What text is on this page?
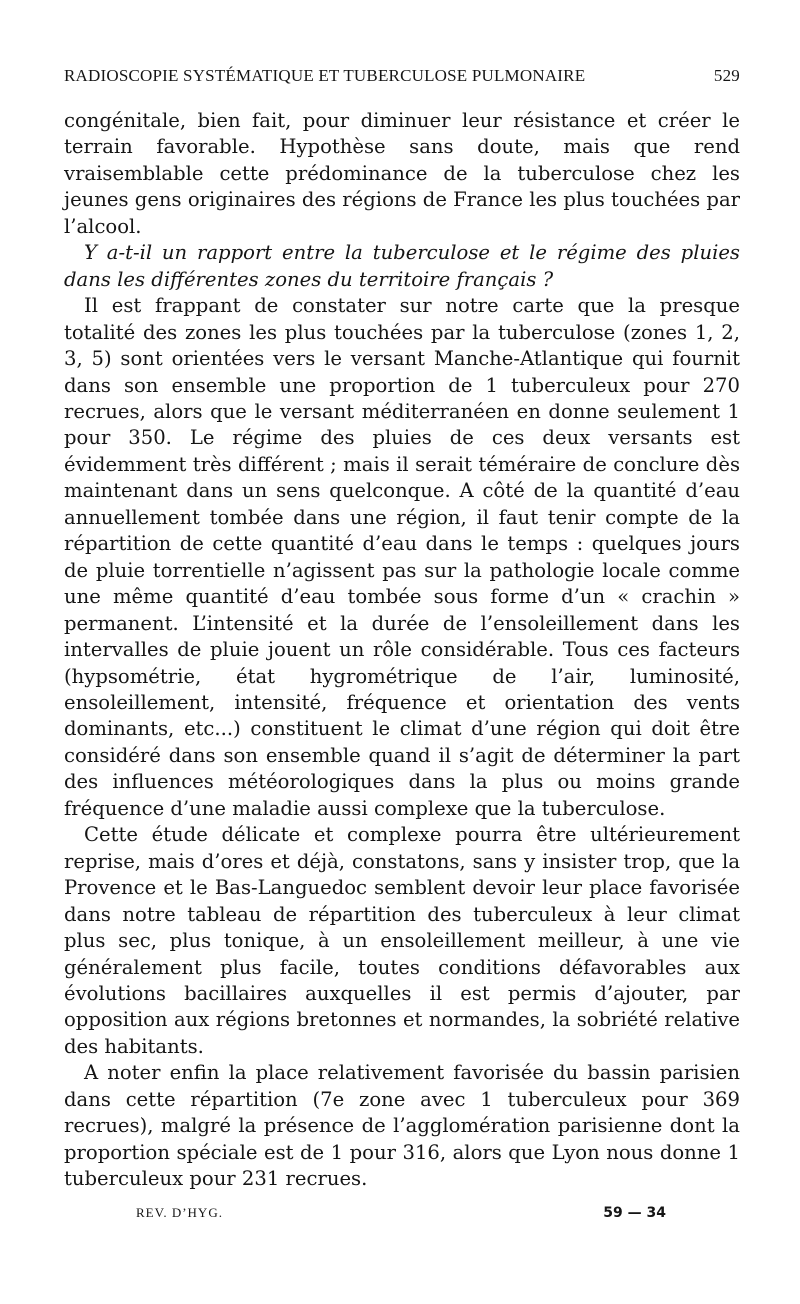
RADIOSCOPIE SYSTÉMATIQUE ET TUBERCULOSE PULMONAIRE	529

congénitale, bien fait, pour diminuer leur résistance et créer le terrain favorable. Hypothèse sans doute, mais que rend vraisemblable cette prédominance de la tuberculose chez les jeunes gens originaires des régions de France les plus touchées par l’alcool.

Y a-t-il un rapport entre la tuberculose et le régime des pluies dans les différentes zones du territoire français ?

Il est frappant de constater sur notre carte que la presque totalité des zones les plus touchées par la tuberculose (zones 1, 2, 3, 5) sont orientées vers le versant Manche-Atlantique qui fournit dans son ensemble une proportion de 1 tuberculeux pour 270 recrues, alors que le versant méditerranéen en donne seulement 1 pour 350. Le régime des pluies de ces deux versants est évidemment très différent ; mais il serait téméraire de conclure dès maintenant dans un sens quelconque. A côté de la quantité d’eau annuellement tombée dans une région, il faut tenir compte de la répartition de cette quantité d’eau dans le temps : quelques jours de pluie torrentielle n’agissent pas sur la pathologie locale comme une même quantité d’eau tombée sous forme d’un « crachin » permanent. L’intensité et la durée de l’ensoleillement dans les intervalles de pluie jouent un rôle considérable. Tous ces facteurs (hypsométrie, état hygrométrique de l’air, luminosité, ensoleillement, intensité, fréquence et orientation des vents dominants, etc...) constituent le climat d’une région qui doit être considéré dans son ensemble quand il s’agit de déterminer la part des influences météorologiques dans la plus ou moins grande fréquence d’une maladie aussi complexe que la tuberculose.

Cette étude délicate et complexe pourra être ultérieurement reprise, mais d’ores et déjà, constatons, sans y insister trop, que la Provence et le Bas-Languedoc semblent devoir leur place favorisée dans notre tableau de répartition des tuberculeux à leur climat plus sec, plus tonique, à un ensoleillement meilleur, à une vie généralement plus facile, toutes conditions défavorables aux évolutions bacillaires auxquelles il est permis d’ajouter, par opposition aux régions bretonnes et normandes, la sobriété relative des habitants.

A noter enfin la place relativement favorisée du bassin parisien dans cette répartition (7e zone avec 1 tuberculeux pour 369 recrues), malgré la présence de l’agglomération parisienne dont la proportion spéciale est de 1 pour 316, alors que Lyon nous donne 1 tuberculeux pour 231 recrues.

REV. D’HYG.	59 — 34
